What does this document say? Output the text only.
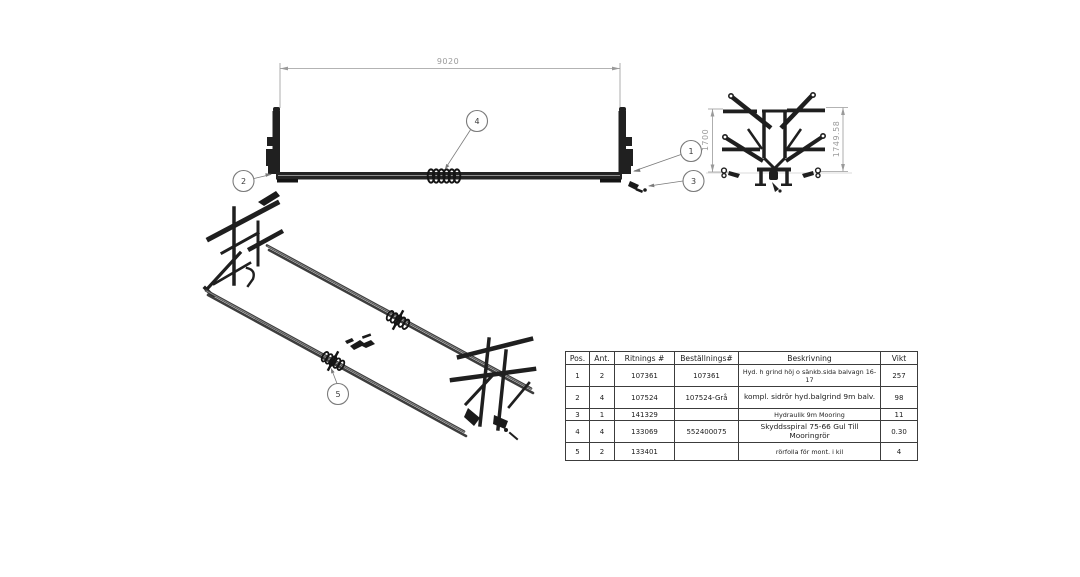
9020
1700	1749.58
1
2	3
4
5
Pos.	Ant.	Ritnings #	Beställnings#	Beskrivning	Vikt
1	2	107361	107361	Hyd. h grind höj o sänkb.sida balvagn 16-17	257
2	4	107524	107524-Grå	kompl. sidrör hyd.balgrind 9m balv.	98
3	1	141329		Hydraulik 9m Mooring	11
4	4	133069	552400075	Skyddsspiral 75-66 Gul Till Mooringrör	0.30
5	2	133401		rörfolla för mont. i kil	4
